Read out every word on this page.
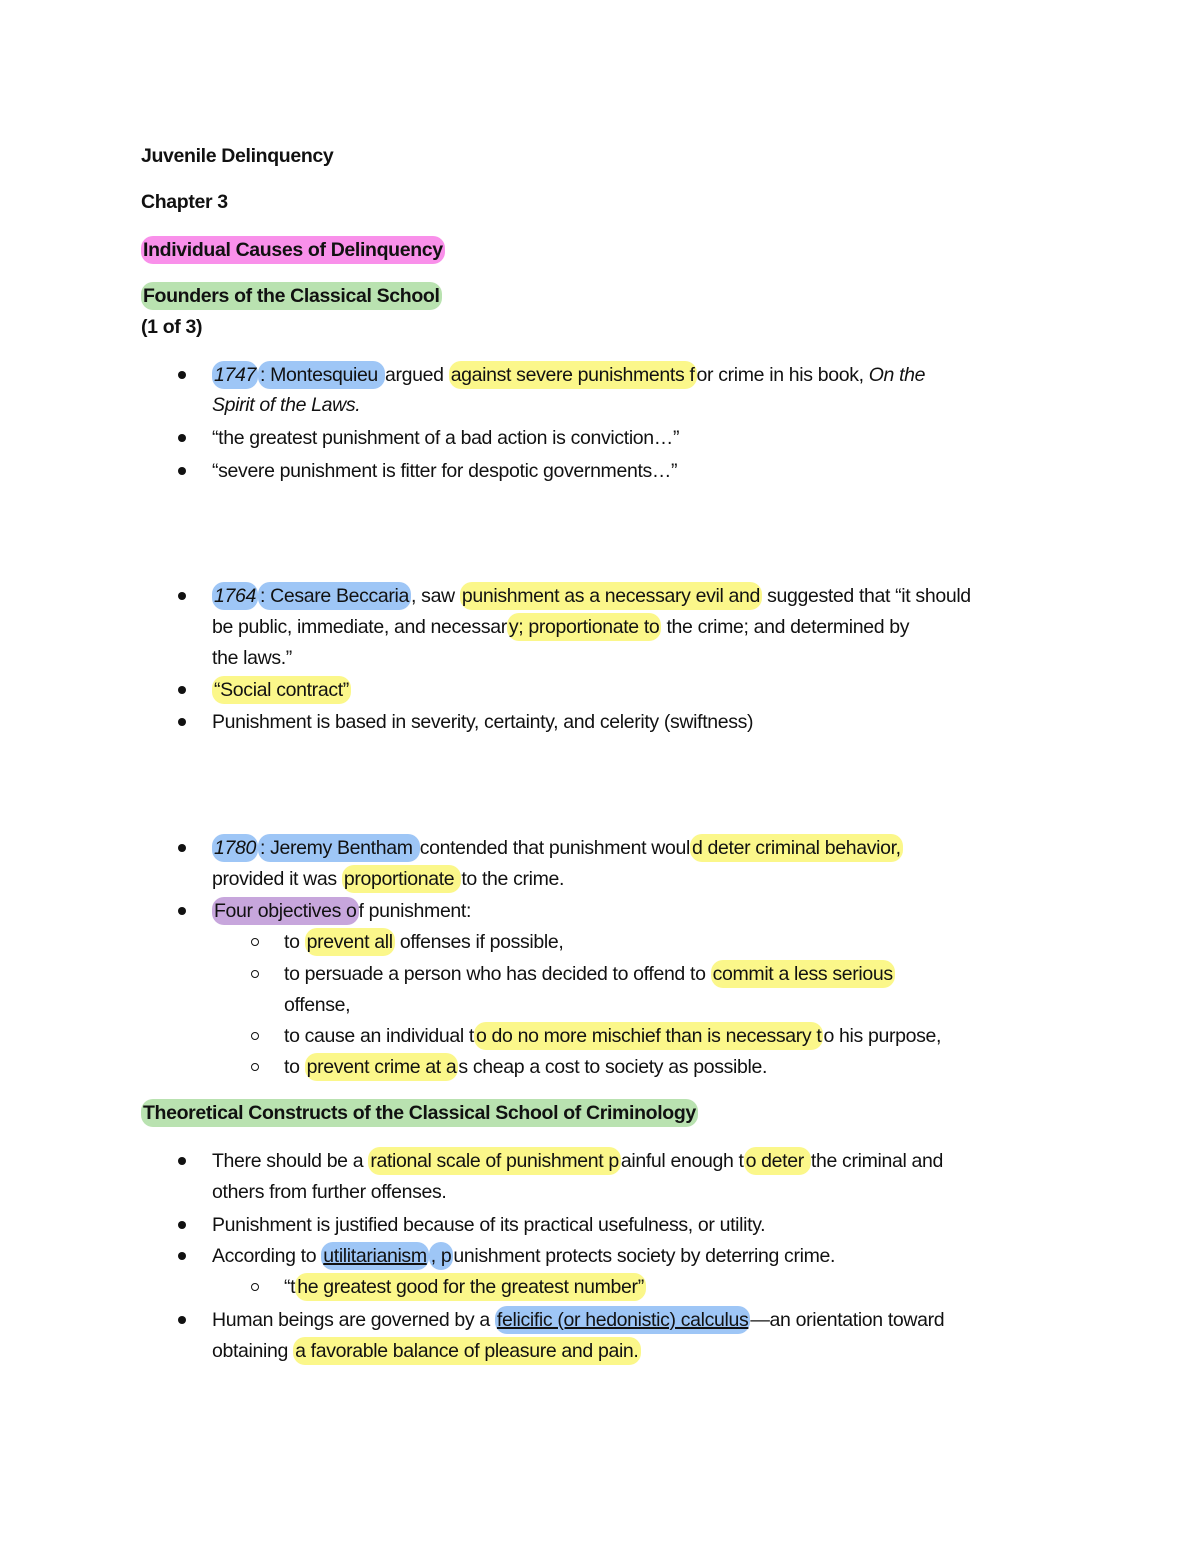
Juvenile Delinquency
Chapter 3
Individual Causes of Delinquency
Founders of the Classical School
(1 of 3)
1747 : Montesquieu argued against severe punishments f or crime in his book, On the
Spirit of the Laws.
“the greatest punishment of a bad action is conviction…”
“severe punishment is fitter for despotic governments…”
1764 : Cesare Beccaria , saw punishment as a necessary evil and suggested that “it should
be public, immediate, and necessar y; proportionate to the crime; and determined by
the laws.”
“Social contract”
Punishment is based in severity, certainty, and celerity (swiftness)
1780 : Jeremy Bentham contended that punishment woul d deter criminal behavior,
provided it was proportionate to the crime.
Four objectives o f punishment:
to prevent all offenses if possible,
to persuade a person who has decided to offend to commit a less serious
offense,
to cause an individual t o do no more mischief than is necessary t o his purpose,
to prevent crime at a s cheap a cost to society as possible.
Theoretical Constructs of the Classical School of Criminology
There should be a rational scale of punishment p ainful enough t o deter the criminal and
others from further offenses.
Punishment is justified because of its practical usefulness, or utility.
According to utilitarianism , p unishment protects society by deterring crime.
“t he greatest good for the greatest number”
Human beings are governed by a felicific (or hedonistic) calculus —an orientation toward
obtaining a favorable balance of pleasure and pain.
